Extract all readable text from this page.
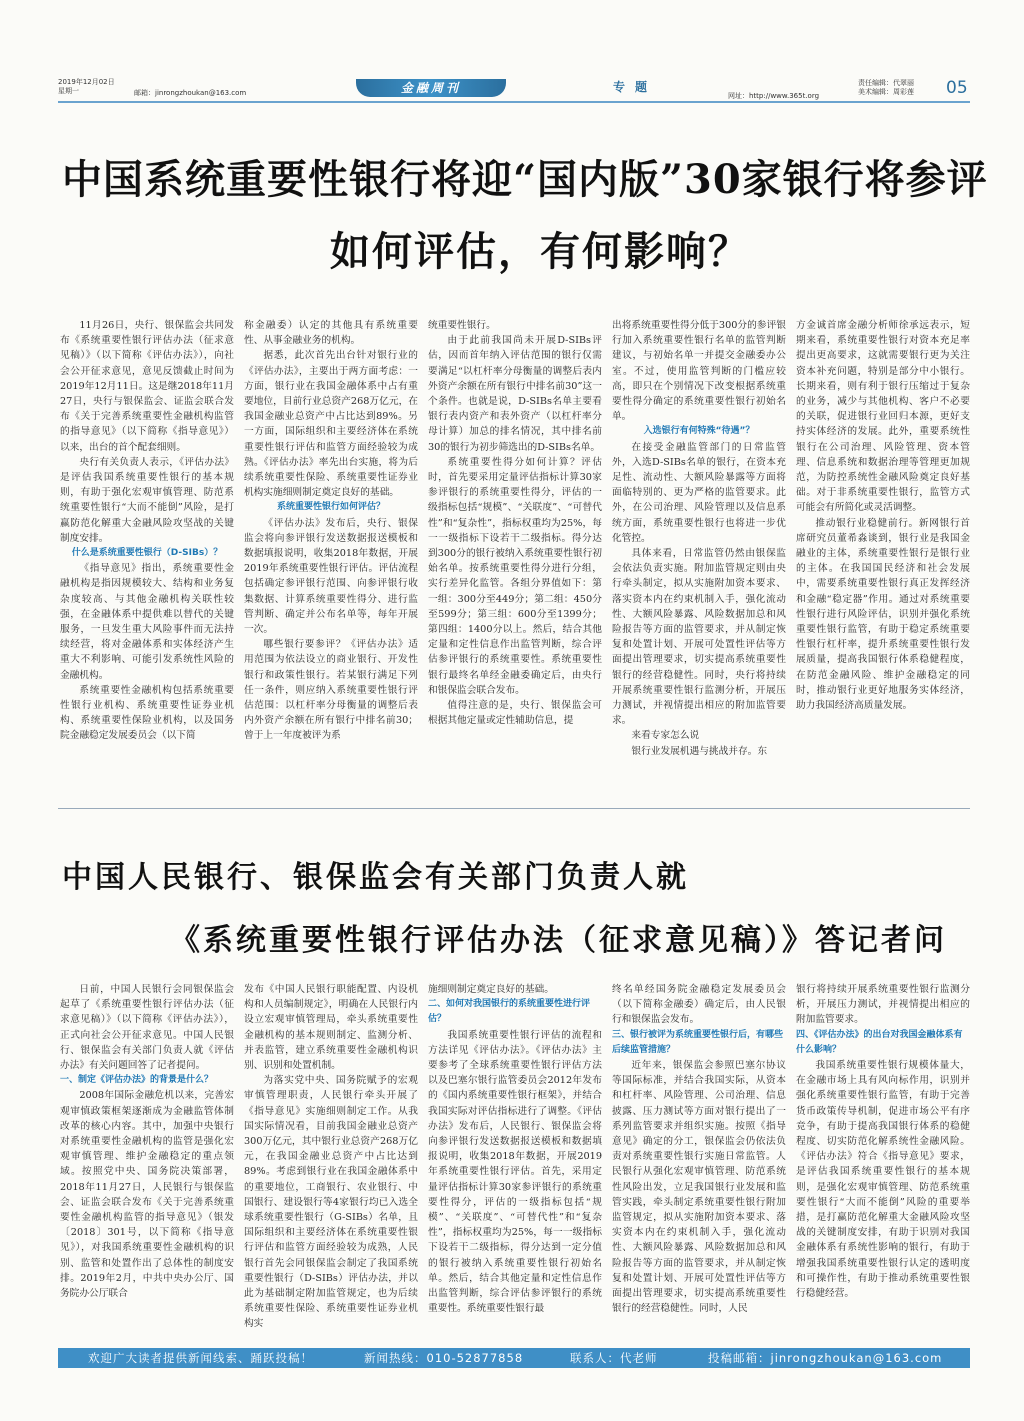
2019年12月02日
星期一	邮箱：jinrongzhoukan@163.com	金融周刊	专题
网址：http://www.365t.org
责任编辑：代翠丽
美术编辑：周彩莲 05
中国系统重要性银行将迎“国内版”30家银行将参评
如何评估，有何影响？

11月26日，央行、银保监会共同发布《系统重要性银行评估办法（征求意见稿）》（以下简称《评估办法》），向社会公开征求意见，意见反馈截止时间为2019年12月11日。这是继2018年11月27日，央行与银保监会、证监会联合发布《关于完善系统重要性金融机构监管的指导意见》（以下简称《指导意见》）以来，出台的首个配套细则。

央行有关负责人表示，《评估办法》是评估我国系统重要性银行的基本规则，有助于强化宏观审慎管理、防范系统重要性银行“大而不能倒”风险，是打赢防范化解重大金融风险攻坚战的关键制度安排。

什么是系统重要性银行（D-SIBs）？

《指导意见》指出，系统重要性金融机构是指因规模较大、结构和业务复杂度较高、与其他金融机构关联性较强，在金融体系中提供难以替代的关键服务，一旦发生重大风险事件而无法持续经营，将对金融体系和实体经济产生重大不利影响、可能引发系统性风险的金融机构。

系统重要性金融机构包括系统重要性银行业机构、系统重要性证券业机构、系统重要性保险业机构，以及国务院金融稳定发展委员会（以下简

称金融委）认定的其他具有系统重要性、从事金融业务的机构。

据悉，此次首先出台针对银行业的《评估办法》，主要出于两方面考虑：一方面，银行业在我国金融体系中占有重要地位，目前行业总资产268万亿元，在我国金融业总资产中占比达到89%。另一方面，国际组织和主要经济体在系统重要性银行评估和监管方面经验较为成熟。《评估办法》率先出台实施，将为后续系统重要性保险、系统重要性证券业机构实施细则制定奠定良好的基础。

系统重要性银行如何评估？

《评估办法》发布后，央行、银保监会将向参评银行发送数据报送模板和数据填报说明，收集2018年数据，开展2019年系统重要性银行评估。评估流程包括确定参评银行范围、向参评银行收集数据、计算系统重要性得分、进行监管判断、确定并公布名单等，每年开展一次。

哪些银行要参评？《评估办法》适用范围为依法设立的商业银行、开发性银行和政策性银行。若某银行满足下列任一条件，则应纳入系统重要性银行评估范围：以杠杆率分母衡量的调整后表内外资产余额在所有银行中排名前30；曾于上一年度被评为系

统重要性银行。

由于此前我国尚未开展D-SIBs评估，因而首年纳入评估范围的银行仅需要满足“以杠杆率分母衡量的调整后表内外资产余额在所有银行中排名前30”这一个条件。也就是说，D-SIBs名单主要看银行表内资产和表外资产（以杠杆率分母计算）加总的排名情况，其中排名前30的银行为初步筛选出的D-SIBs名单。

系统重要性得分如何计算？评估时，首先要采用定量评估指标计算30家参评银行的系统重要性得分，评估的一级指标包括“规模”、“关联度”、“可替代性”和“复杂性”，指标权重均为25%，每一一级指标下设若干二级指标。得分达到300分的银行被纳入系统重要性银行初始名单。按系统重要性得分进行分组，实行差异化监管。各组分界值如下：第一组：300分至449分；第二组：450分至599分；第三组：600分至1399分；第四组：1400分以上。然后，结合其他定量和定性信息作出监管判断，综合评估参评银行的系统重要性。系统重要性银行最终名单经金融委确定后，由央行和银保监会联合发布。

值得注意的是，央行、银保监会可根据其他定量或定性辅助信息，提

出将系统重要性得分低于300分的参评银行加入系统重要性银行名单的监管判断建议，与初始名单一并提交金融委办公室。不过，使用监管判断的门槛应较高，即只在个别情况下改变根据系统重要性得分确定的系统重要性银行初始名单。

入选银行有何特殊“待遇”？

在接受金融监管部门的日常监管外，入选D-SIBs名单的银行，在资本充足性、流动性、大额风险暴露等方面将面临特别的、更为严格的监管要求。此外，在公司治理、风险管理以及信息系统方面，系统重要性银行也将进一步优化管控。

具体来看，日常监管仍然由银保监会依法负责实施。附加监管规定则由央行牵头制定，拟从实施附加资本要求、落实资本内在约束机制入手，强化流动性、大额风险暴露、风险数据加总和风险报告等方面的监管要求，并从制定恢复和处置计划、开展可处置性评估等方面提出管理要求，切实提高系统重要性银行的经营稳健性。同时，央行将持续开展系统重要性银行监测分析，开展压力测试，并视情提出相应的附加监管要求。

来看专家怎么说

银行业发展机遇与挑战并存。东

方金诚首席金融分析师徐承远表示，短期来看，系统重要性银行对资本充足率提出更高要求，这就需要银行更为关注资本补充问题，特别是部分中小银行。长期来看，则有利于银行压缩过于复杂的业务，减少与其他机构、客户不必要的关联，促进银行业回归本源，更好支持实体经济的发展。此外，重要系统性银行在公司治理、风险管理、资本管理、信息系统和数据治理等管理更加规范，为防控系统性金融风险奠定良好基础。对于非系统重要性银行，监管方式可能会有所简化或灵活调整。

推动银行业稳健前行。新网银行首席研究员董希淼谈到，银行业是我国金融业的主体，系统重要性银行是银行业的主体。在我国国民经济和社会发展中，需要系统重要性银行真正发挥经济和金融“稳定器”作用。通过对系统重要性银行进行风险评估，识别并强化系统重要性银行监管，有助于稳定系统重要性银行杠杆率，提升系统重要性银行发展质量，提高我国银行体系稳健程度，在防范金融风险、维护金融稳定的同时，推动银行业更好地服务实体经济，助力我国经济高质量发展。

中国人民银行、银保监会有关部门负责人就
《系统重要性银行评估办法（征求意见稿）》答记者问

日前，中国人民银行会同银保监会起草了《系统重要性银行评估办法（征求意见稿）》（以下简称《评估办法》），正式向社会公开征求意见。中国人民银行、银保监会有关部门负责人就《评估办法》有关问题回答了记者提问。

一、制定《评估办法》的背景是什么？

2008年国际金融危机以来，完善宏观审慎政策框架逐渐成为金融监管体制改革的核心内容。其中，加强中央银行对系统重要性金融机构的监管是强化宏观审慎管理、维护金融稳定的重点领域。按照党中央、国务院决策部署，2018年11月27日，人民银行与银保监会、证监会联合发布《关于完善系统重要性金融机构监管的指导意见》（银发〔2018〕301号，以下简称《指导意见》），对我国系统重要性金融机构的识别、监管和处置作出了总体性的制度安排。2019年2月，中共中央办公厅、国务院办公厅联合

发布《中国人民银行职能配置、内设机构和人员编制规定》，明确在人民银行内设立宏观审慎管理局，牵头系统重要性金融机构的基本规则制定、监测分析、并表监管，建立系统重要性金融机构识别、识别和处置机制。

为落实党中央、国务院赋予的宏观审慎管理职责，人民银行牵头开展了《指导意见》实施细则制定工作。从我国实际情况看，目前我国金融业总资产300万亿元，其中银行业总资产268万亿元，在我国金融业总资产中占比达到89%。考虑到银行业在我国金融体系中的重要地位，工商银行、农业银行、中国银行、建设银行等4家银行均已入选全球系统重要性银行（G-SIBs）名单，且国际组织和主要经济体在系统重要性银行评估和监管方面经验较为成熟，人民银行首先会同银保监会制定了我国系统重要性银行（D-SIBs）评估办法，并以此为基础制定附加监管规定，也为后续系统重要性保险、系统重要性证券业机构实

施细则制定奠定良好的基础。

二、如何对我国银行的系统重要性进行评估？

我国系统重要性银行评估的流程和方法详见《评估办法》。《评估办法》主要参考了全球系统重要性银行评估方法以及巴塞尔银行监管委员会2012年发布的《国内系统重要性银行框架》，并结合我国实际对评估指标进行了调整。《评估办法》发布后，人民银行、银保监会将向参评银行发送数据报送模板和数据填报说明，收集2018年数据，开展2019年系统重要性银行评估。首先，采用定量评估指标计算30家参评银行的系统重要性得分，评估的一级指标包括“规模”、“关联度”、“可替代性”和“复杂性”，指标权重均为25%，每一一级指标下设若干二级指标，得分达到一定分值的银行被纳入系统重要性银行初始名单。然后，结合其他定量和定性信息作出监管判断，综合评估参评银行的系统重要性。系统重要性银行最

终名单经国务院金融稳定发展委员会（以下简称金融委）确定后，由人民银行和银保监会发布。

三、银行被评为系统重要性银行后，有哪些后续监管措施？

近年来，银保监会参照巴塞尔协议等国际标准，并结合我国实际，从资本和杠杆率、风险管理、公司治理、信息披露、压力测试等方面对银行提出了一系列监管要求并组织实施。按照《指导意见》确定的分工，银保监会仍依法负责对系统重要性银行实施日常监管。人民银行从强化宏观审慎管理、防范系统性风险出发，立足我国银行业发展和监管实践，牵头制定系统重要性银行附加监管规定，拟从实施附加资本要求、落实资本内在约束机制入手，强化流动性、大额风险暴露、风险数据加总和风险报告等方面的监管要求，并从制定恢复和处置计划、开展可处置性评估等方面提出管理要求，切实提高系统重要性银行的经营稳健性。同时，人民

银行将持续开展系统重要性银行监测分析，开展压力测试，并视情提出相应的附加监管要求。

四、《评估办法》的出台对我国金融体系有什么影响？

我国系统重要性银行规模体量大，在金融市场上具有风向标作用，识别并强化系统重要性银行监管，有助于完善货币政策传导机制，促进市场公平有序竞争，有助于提高我国银行体系的稳健程度、切实防范化解系统性金融风险。《评估办法》符合《指导意见》要求，是评估我国系统重要性银行的基本规则，是强化宏观审慎管理、防范系统重要性银行“大而不能倒”风险的重要举措，是打赢防范化解重大金融风险攻坚战的关键制度安排，有助于识别对我国金融体系有系统性影响的银行，有助于增强我国系统重要性银行认定的透明度和可操作性，有助于推动系统重要性银行稳健经营。

欢迎广大读者提供新闻线索、踊跃投稿！	新闻热线：010-52877858	联系人：代老师	投稿邮箱：jinrongzhoukan@163.com
